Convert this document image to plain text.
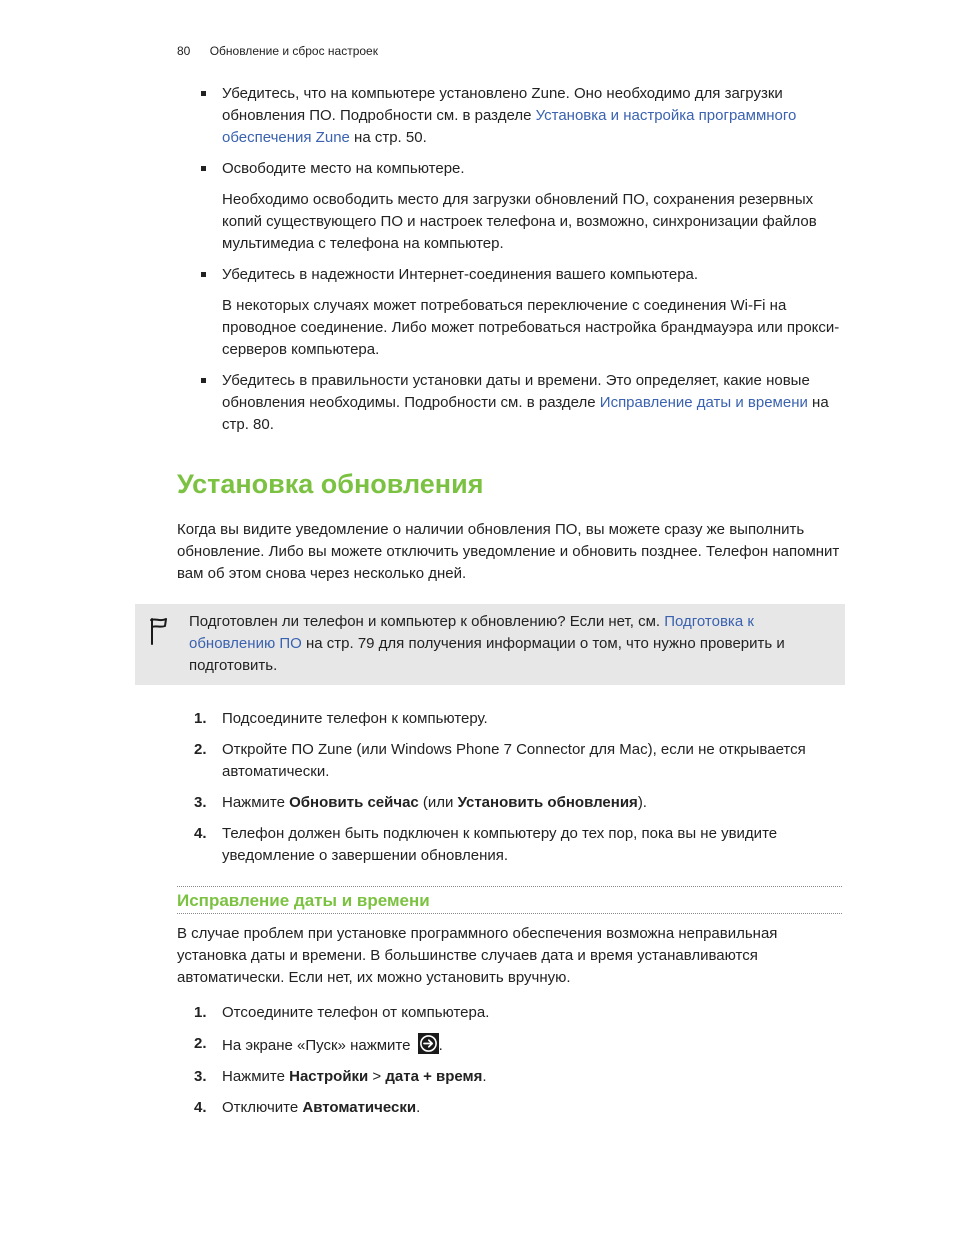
80 Обновление и сброс настроек
Убедитесь, что на компьютере установлено Zune. Оно необходимо для загрузки обновления ПО. Подробности см. в разделе Установка и настройка программного обеспечения Zune на стр. 50.
Освободите место на компьютере.
Необходимо освободить место для загрузки обновлений ПО, сохранения резервных копий существующего ПО и настроек телефона и, возможно, синхронизации файлов мультимедиа с телефона на компьютер.
Убедитесь в надежности Интернет-соединения вашего компьютера.
В некоторых случаях может потребоваться переключение с соединения Wi-Fi на проводное соединение. Либо может потребоваться настройка брандмауэра или прокси-серверов компьютера.
Убедитесь в правильности установки даты и времени. Это определяет, какие новые обновления необходимы. Подробности см. в разделе Исправление даты и времени на стр. 80.
Установка обновления
Когда вы видите уведомление о наличии обновления ПО, вы можете сразу же выполнить обновление. Либо вы можете отключить уведомление и обновить позднее. Телефон напомнит вам об этом снова через несколько дней.
Подготовлен ли телефон и компьютер к обновлению? Если нет, см. Подготовка к обновлению ПО на стр. 79 для получения информации о том, что нужно проверить и подготовить.
1. Подсоедините телефон к компьютеру.
2. Откройте ПО Zune (или Windows Phone 7 Connector для Mac), если не открывается автоматически.
3. Нажмите Обновить сейчас (или Установить обновления).
4. Телефон должен быть подключен к компьютеру до тех пор, пока вы не увидите уведомление о завершении обновления.
Исправление даты и времени
В случае проблем при установке программного обеспечения возможна неправильная установка даты и времени. В большинстве случаев дата и время устанавливаются автоматически. Если нет, их можно установить вручную.
1. Отсоедините телефон от компьютера.
2. На экране «Пуск» нажмите
.
3. Нажмите Настройки > дата + время.
4. Отключите Автоматически.
